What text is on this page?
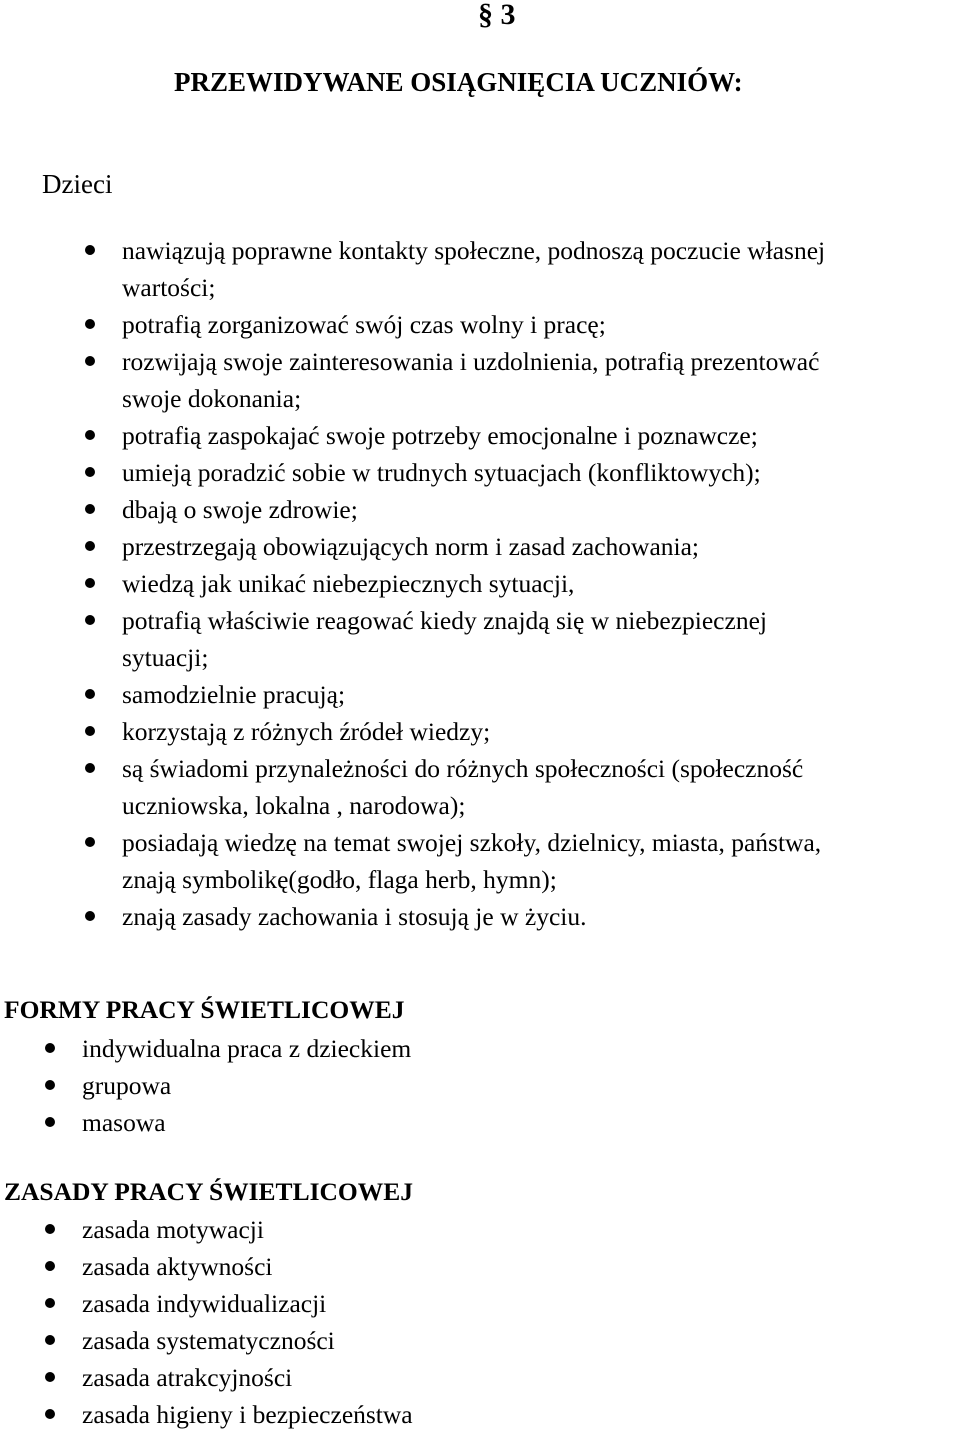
§ 3
PRZEWIDYWANE OSIĄGNIĘCIA UCZNIÓW:

Dzieci

nawiązują poprawne kontakty społeczne, podnoszą poczucie własnej
wartości;
potrafią zorganizować swój czas wolny i pracę;
rozwijają swoje zainteresowania i uzdolnienia, potrafią prezentować
swoje dokonania;
potrafią zaspokajać swoje potrzeby emocjonalne i poznawcze;
umieją poradzić sobie w trudnych sytuacjach (konfliktowych);
dbają o swoje zdrowie;
przestrzegają obowiązujących norm i zasad zachowania;
wiedzą jak unikać niebezpiecznych sytuacji,
potrafią właściwie reagować kiedy znajdą się w niebezpiecznej
sytuacji;
samodzielnie pracują;
korzystają z różnych źródeł wiedzy;
są świadomi przynależności do różnych społeczności (społeczność
uczniowska, lokalna , narodowa);
posiadają wiedzę na temat swojej szkoły, dzielnicy, miasta, państwa,
znają symbolikę(godło, flaga herb, hymn);
znają zasady zachowania i stosują je w życiu.
FORMY PRACY ŚWIETLICOWEJ
indywidualna praca z dzieckiem
grupowa
masowa
ZASADY PRACY ŚWIETLICOWEJ
zasada motywacji
zasada aktywności
zasada indywidualizacji
zasada systematyczności
zasada atrakcyjności
zasada higieny i bezpieczeństwa
